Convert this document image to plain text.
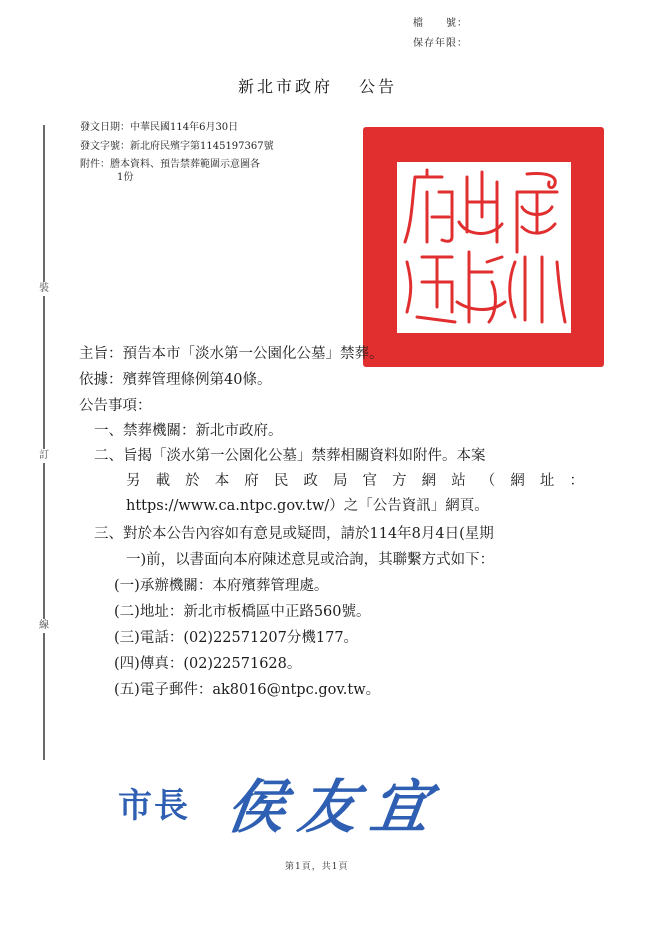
檔　　號：
保存年限：
新北市政府 公告
發文日期：中華民國114年6月30日
發文字號：新北府民殯字第1145197367號
附件：謄本資料、預告禁葬範圍示意圖各
1份
裝
訂
線
主旨：預告本市「淡水第一公園化公墓」禁葬。
依據：殯葬管理條例第40條。
公告事項：
一、禁葬機關：新北市政府。
二、旨揭「淡水第一公園化公墓」禁葬相關資料如附件。本案
另 載 於 本 府 民 政 局 官 方 網 站 （ 網 址 ：
https://www.ca.ntpc.gov.tw/）之「公告資訊」網頁。
三、對於本公告內容如有意見或疑問，請於114年8月4日(星期
一)前，以書面向本府陳述意見或洽詢，其聯繫方式如下：
(一)承辦機關：本府殯葬管理處。
(二)地址：新北市板橋區中正路560號。
(三)電話：(02)22571207分機177。
(四)傳真：(02)22571628。
(五)電子郵件：ak8016@ntpc.gov.tw。
市長 侯友宜
第1頁，共1頁
